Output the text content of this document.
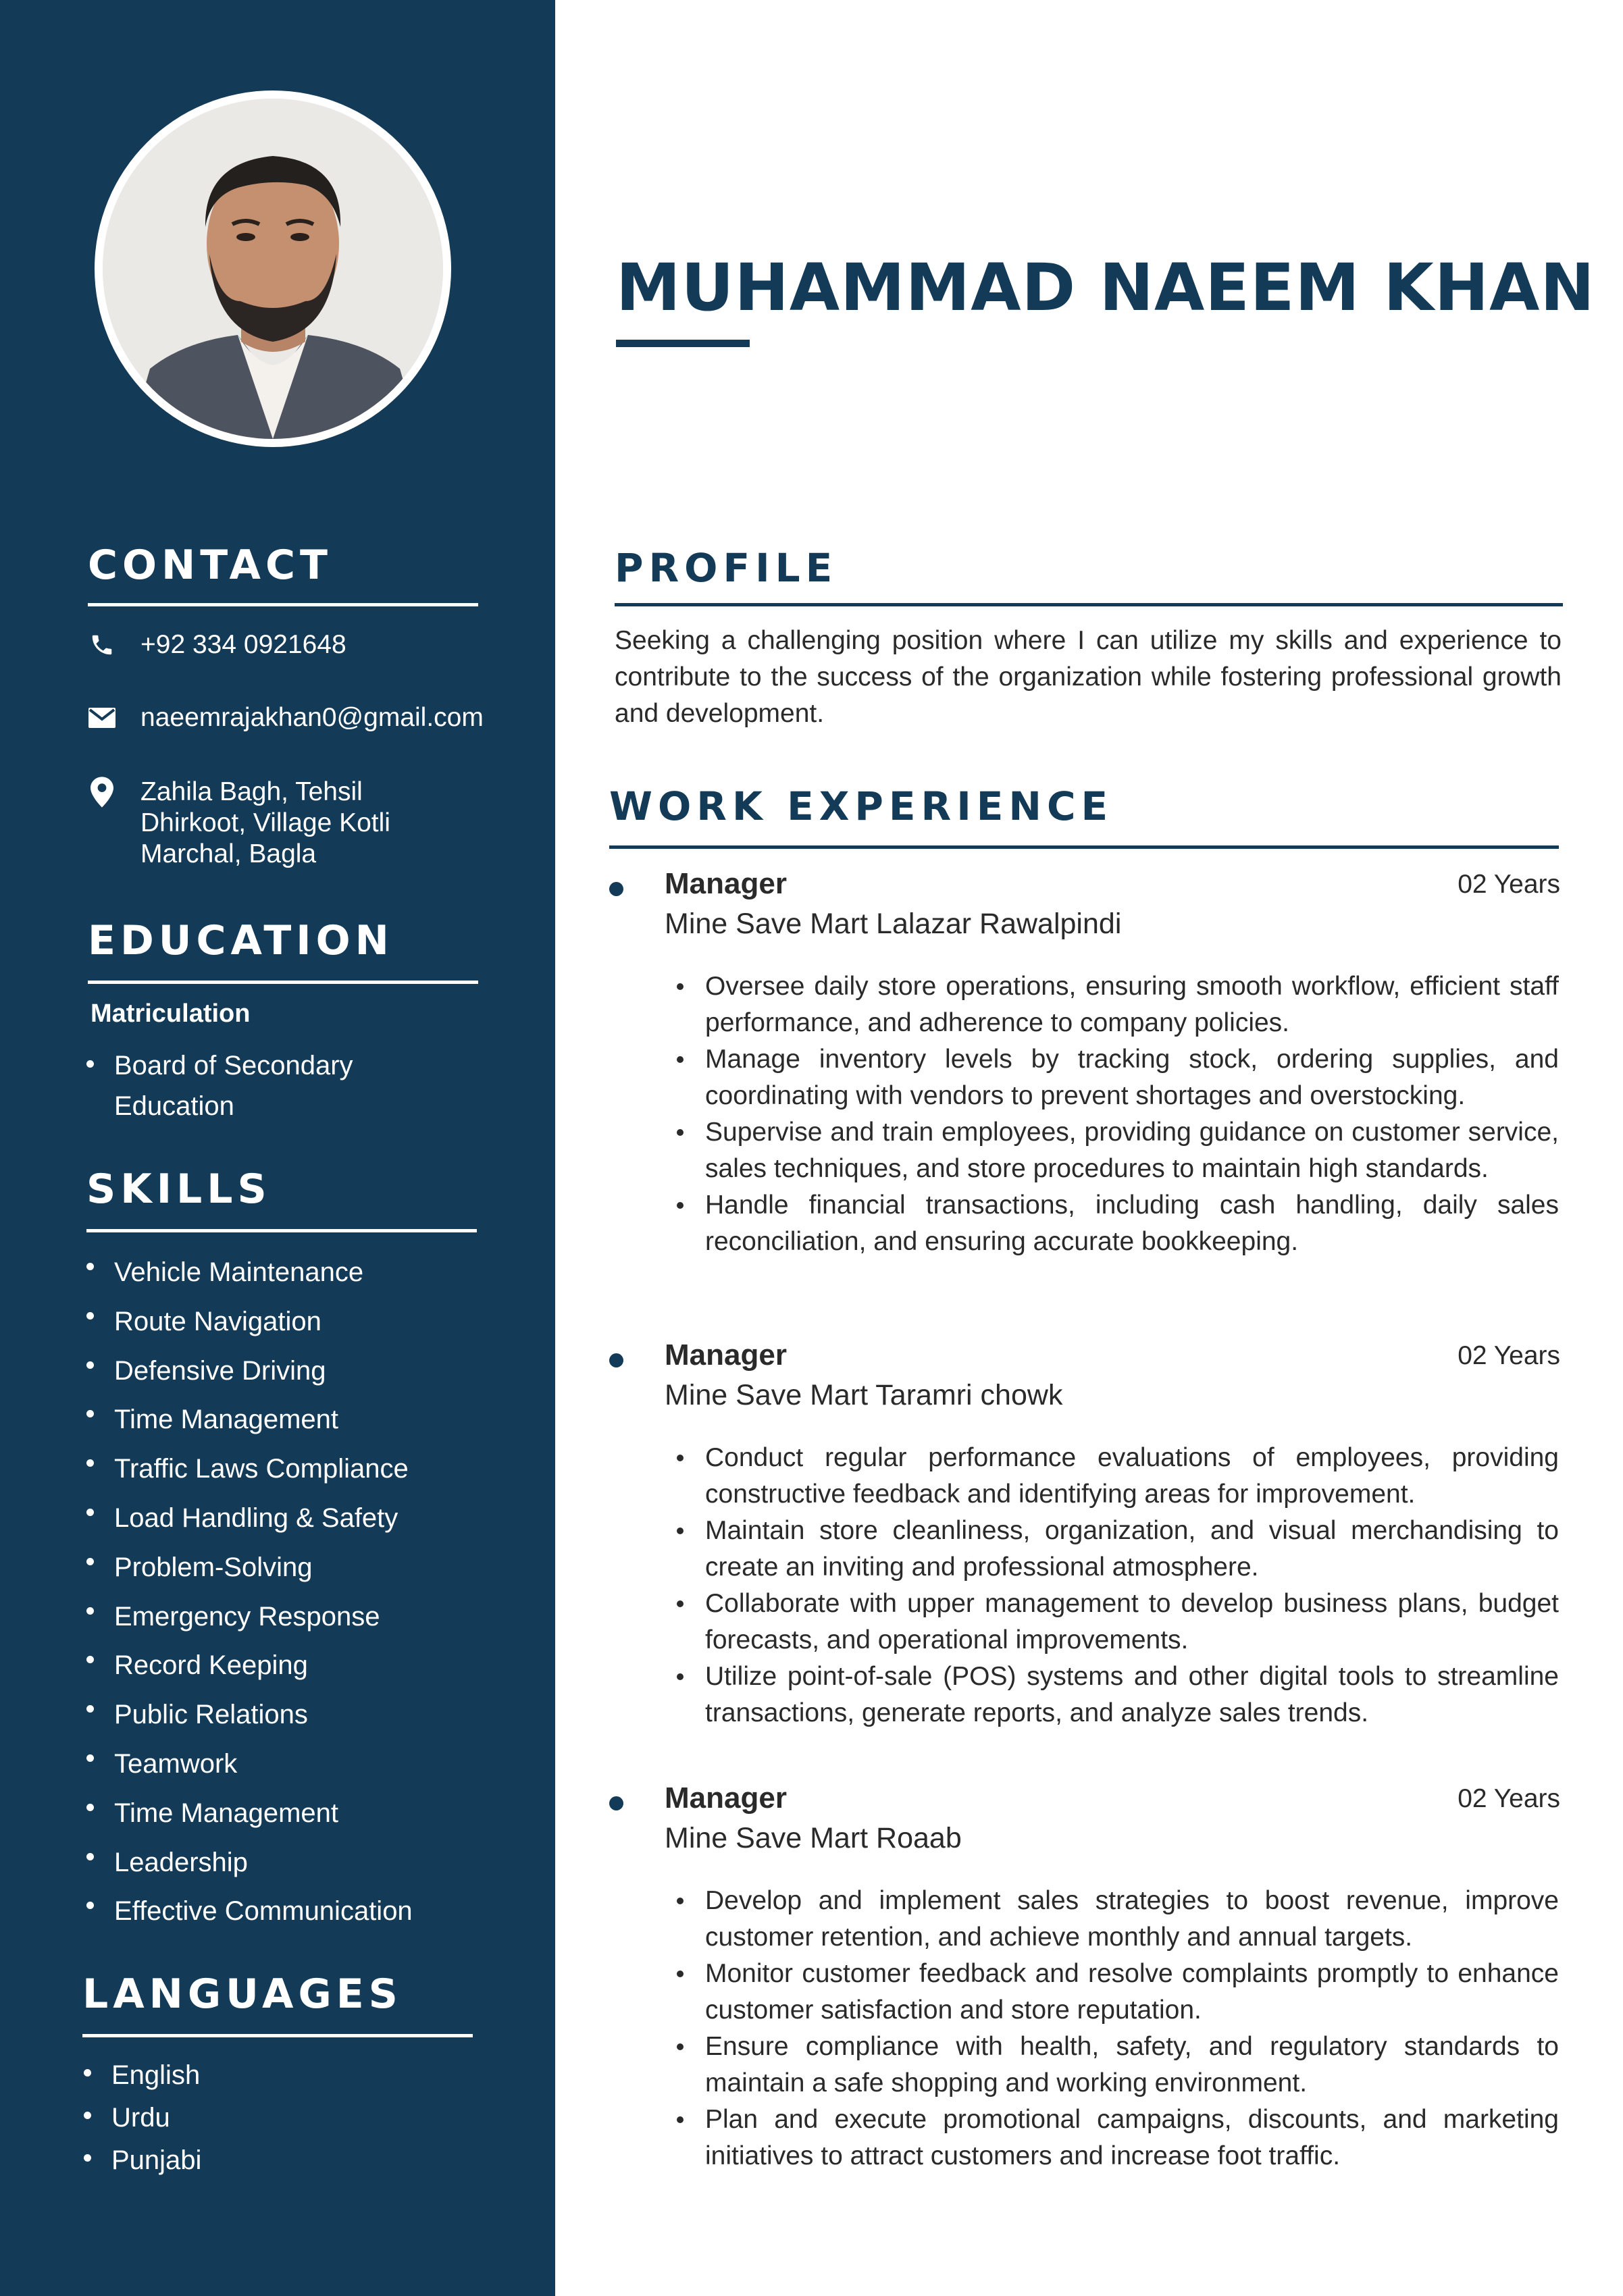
CONTACT
+92 334 0921648
naeemrajakhan0@gmail.com
Zahila Bagh, Tehsil
Dhirkoot, Village Kotli
Marchal, Bagla
EDUCATION
Matriculation
Board of Secondary
Education
SKILLS
Vehicle Maintenance
Route Navigation
Defensive Driving
Time Management
Traffic Laws Compliance
Load Handling & Safety
Problem-Solving
Emergency Response
Record Keeping
Public Relations
Teamwork
Time Management
Leadership
Effective Communication
LANGUAGES
English
Urdu
Punjabi
MUHAMMAD NAEEM KHAN
PROFILE

Seeking a challenging position where I can utilize my skills and experience to contribute to the success of the organization while fostering professional growth and development.

WORK EXPERIENCE
Manager	02 Years
Mine Save Mart Lalazar Rawalpindi
Oversee daily store operations, ensuring smooth workflow, efficient staff performance, and adherence to company policies.
Manage inventory levels by tracking stock, ordering supplies, and coordinating with vendors to prevent shortages and overstocking.
Supervise and train employees, providing guidance on customer service, sales techniques, and store procedures to maintain high standards.
Handle financial transactions, including cash handling, daily sales reconciliation, and ensuring accurate bookkeeping.
Manager	02 Years
Mine Save Mart Taramri chowk
Conduct regular performance evaluations of employees, providing constructive feedback and identifying areas for improvement.
Maintain store cleanliness, organization, and visual merchandising to create an inviting and professional atmosphere.
Collaborate with upper management to develop business plans, budget forecasts, and operational improvements.
Utilize point-of-sale (POS) systems and other digital tools to streamline transactions, generate reports, and analyze sales trends.
Manager	02 Years
Mine Save Mart Roaab
Develop and implement sales strategies to boost revenue, improve customer retention, and achieve monthly and annual targets.
Monitor customer feedback and resolve complaints promptly to enhance customer satisfaction and store reputation.
Ensure compliance with health, safety, and regulatory standards to maintain a safe shopping and working environment.
Plan and execute promotional campaigns, discounts, and marketing initiatives to attract customers and increase foot traffic.
